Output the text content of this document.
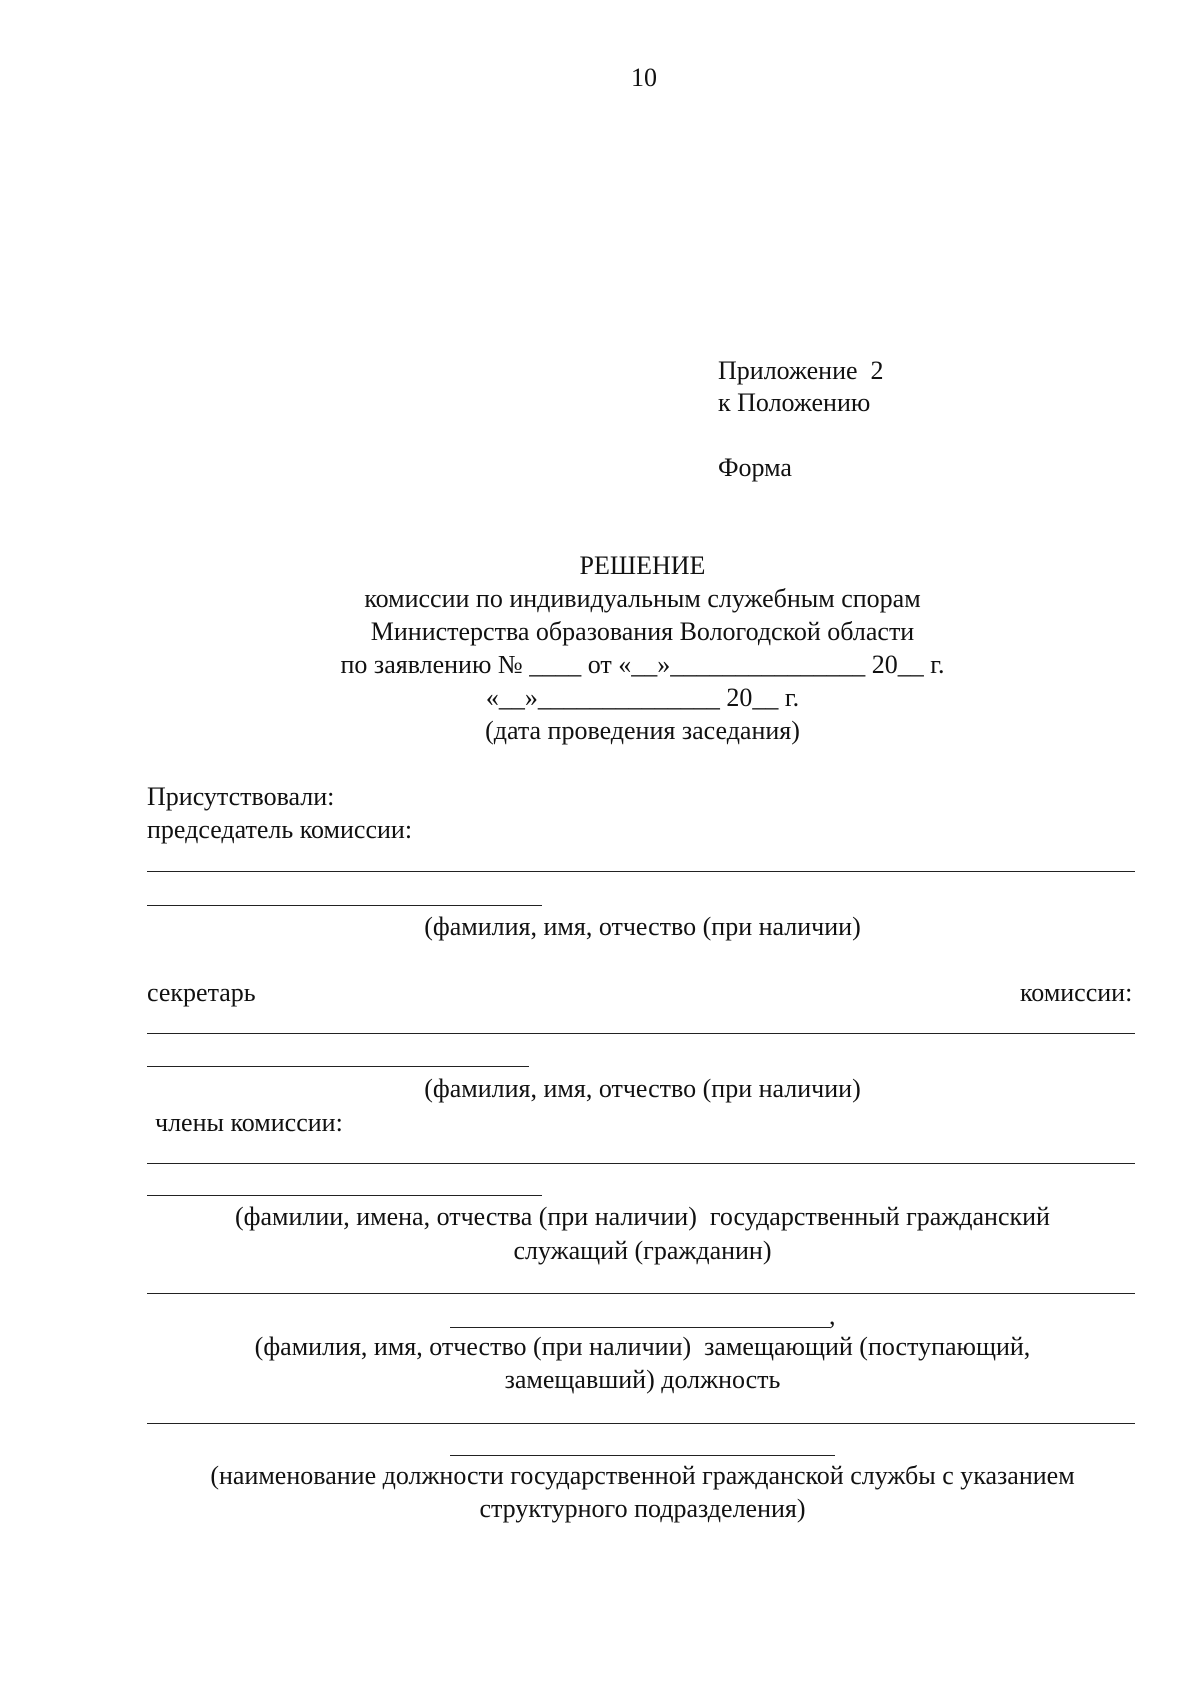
10
Приложение  2
к Положению
Форма
РЕШЕНИЕ
комиссии по индивидуальным служебным спорам
Министерства образования Вологодской области
по заявлению № ____ от «__»_______________ 20__ г.
«__»______________ 20__ г.
(дата проведения заседания)
Присутствовали:
председатель комиссии:
(фамилия, имя, отчество (при наличии)
секретарь	комиссии:
(фамилия, имя, отчество (при наличии)
члены комиссии:
(фамилии, имена, отчества (при наличии)  государственный гражданский
служащий (гражданин)
,
(фамилия, имя, отчество (при наличии)  замещающий (поступающий,
замещавший) должность
(наименование должности государственной гражданской службы с указанием
структурного подразделения)
